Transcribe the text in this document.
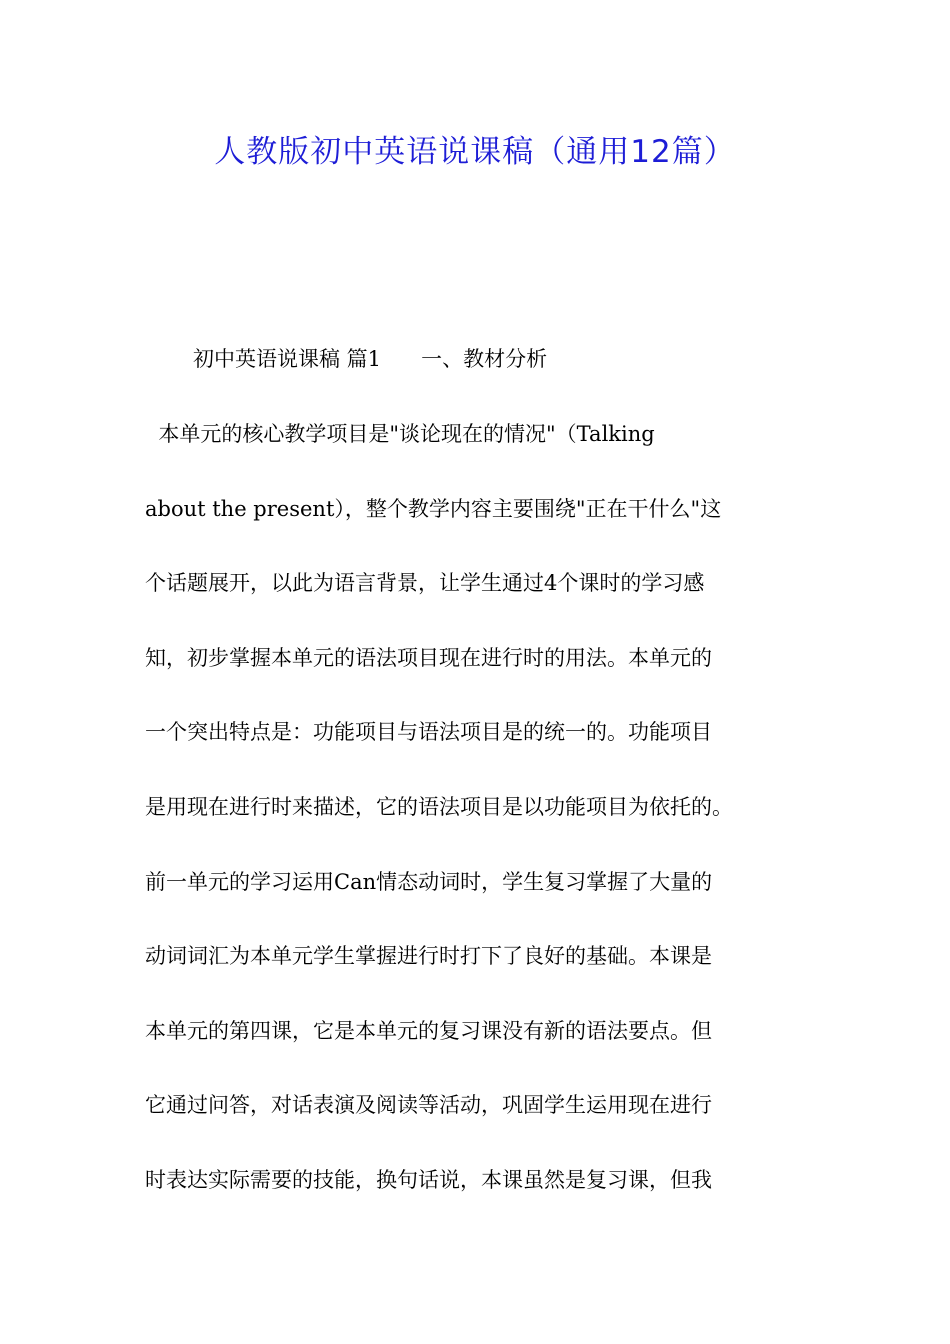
人教版初中英语说课稿（通用12篇）
初中英语说课稿 篇1      一、教材分析
本单元的核心教学项目是"谈论现在的情况"（Talking
about the present），整个教学内容主要围绕"正在干什么"这
个话题展开，以此为语言背景，让学生通过4个课时的学习感
知，初步掌握本单元的语法项目现在进行时的用法。本单元的
一个突出特点是：功能项目与语法项目是的统一的。功能项目
是用现在进行时来描述，它的语法项目是以功能项目为依托的。
前一单元的学习运用Can情态动词时，学生复习掌握了大量的
动词词汇为本单元学生掌握进行时打下了良好的基础。本课是
本单元的第四课，它是本单元的复习课没有新的语法要点。但
它通过问答，对话表演及阅读等活动，巩固学生运用现在进行
时表达实际需要的技能，换句话说，本课虽然是复习课，但我
